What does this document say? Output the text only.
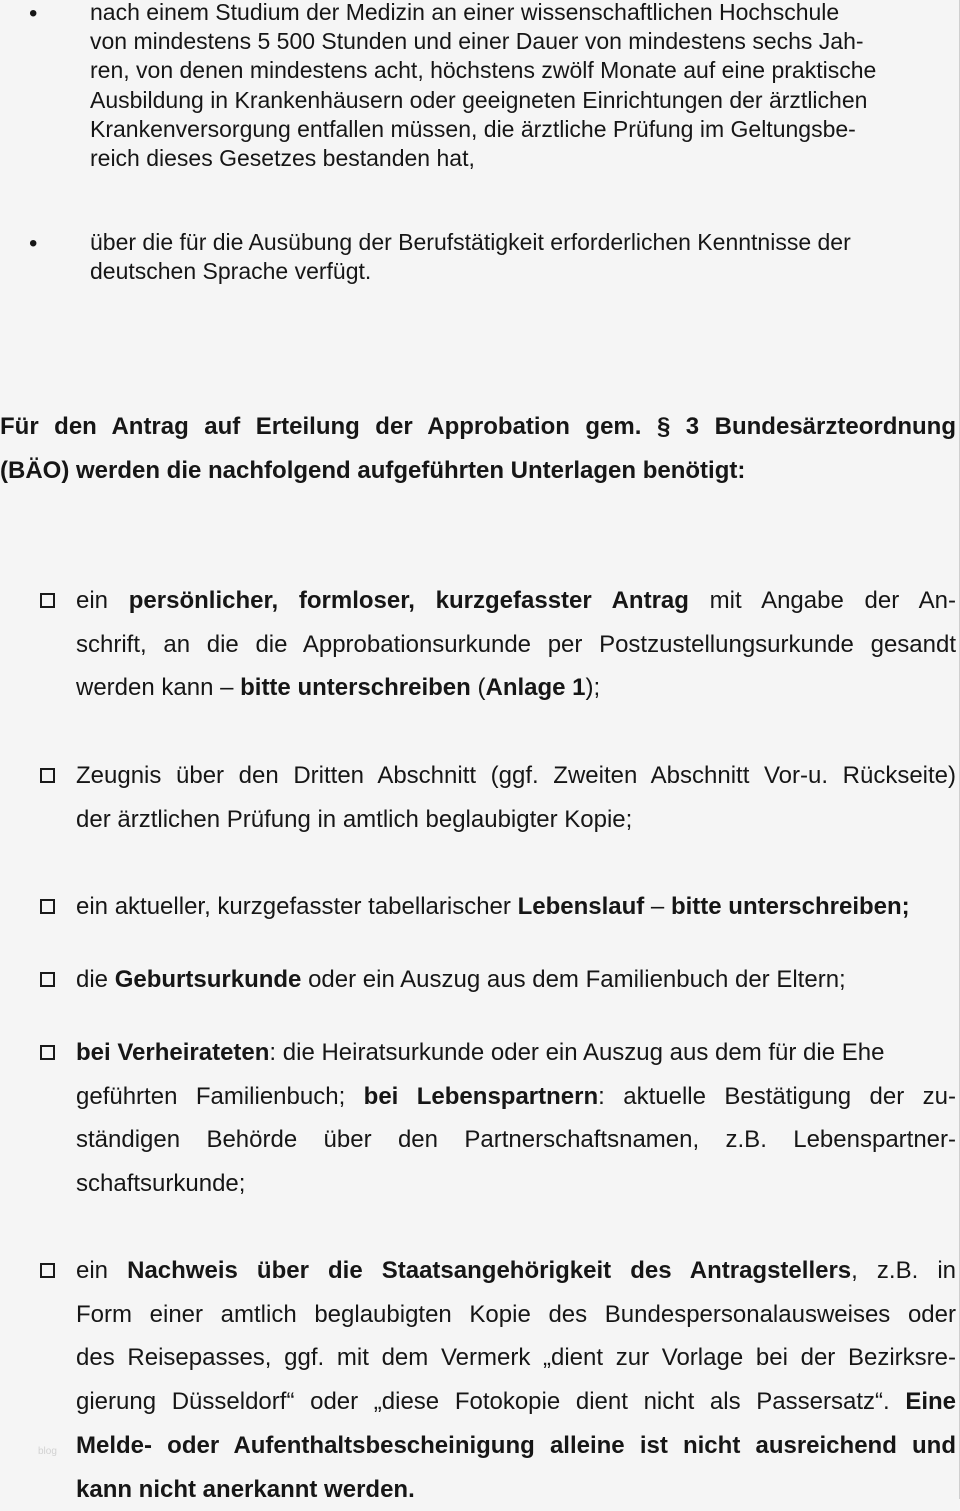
• nach einem Studium der Medizin an einer wissenschaftlichen Hochschule
von mindestens 5 500 Stunden und einer Dauer von mindestens sechs Jah-
ren, von denen mindestens acht, höchstens zwölf Monate auf eine praktische
Ausbildung in Krankenhäusern oder geeigneten Einrichtungen der ärztlichen
Krankenversorgung entfallen müssen, die ärztliche Prüfung im Geltungsbe-
reich dieses Gesetzes bestanden hat,
• über die für die Ausübung der Berufstätigkeit erforderlichen Kenntnisse der
deutschen Sprache verfügt.
Für den Antrag auf Erteilung der Approbation gem. § 3 Bundesärzteordnung
(BÄO) werden die nachfolgend aufgeführten Unterlagen benötigt:
ein persönlicher, formloser, kurzgefasster Antrag mit Angabe der An-
schrift, an die die Approbationsurkunde per Postzustellungsurkunde gesandt
werden kann – bitte unterschreiben (Anlage 1);
Zeugnis über den Dritten Abschnitt (ggf. Zweiten Abschnitt Vor-u. Rückseite)
der ärztlichen Prüfung in amtlich beglaubigter Kopie;
ein aktueller, kurzgefasster tabellarischer Lebenslauf – bitte unterschreiben;
die Geburtsurkunde oder ein Auszug aus dem Familienbuch der Eltern;
bei Verheirateten: die Heiratsurkunde oder ein Auszug aus dem für die Ehe
geführten Familienbuch; bei Lebenspartnern: aktuelle Bestätigung der zu-
ständigen Behörde über den Partnerschaftsnamen, z.B. Lebenspartner-
schaftsurkunde;
ein Nachweis über die Staatsangehörigkeit des Antragstellers, z.B. in
Form einer amtlich beglaubigten Kopie des Bundespersonalausweises oder
des Reisepasses, ggf. mit dem Vermerk „dient zur Vorlage bei der Bezirksre-
gierung Düsseldorf“ oder „diese Fotokopie dient nicht als Passersatz“. Eine
Melde- oder Aufenthaltsbescheinigung alleine ist nicht ausreichend und
kann nicht anerkannt werden.
blog
